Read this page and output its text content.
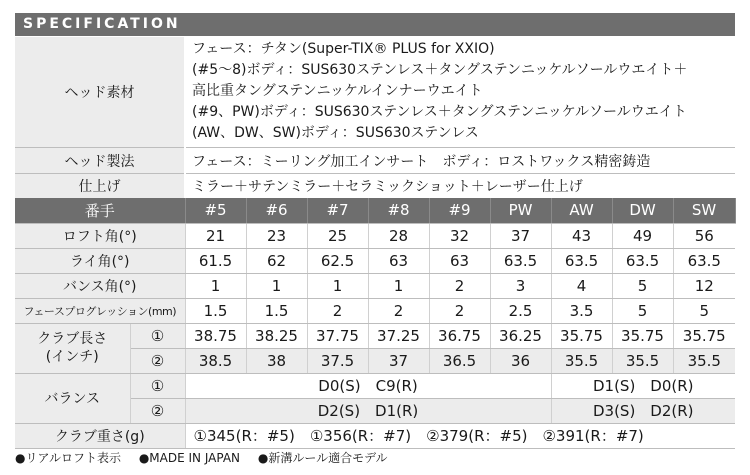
SPECIFICATION
ヘッド素材	フェース：チタン(Super-TIX® PLUS for XXIO)
(#5〜8)ボディ：SUS630ステンレス＋タングステンニッケルソールウエイト＋
高比重タングステンニッケルインナーウエイト
(#9、PW)ボディ：SUS630ステンレス＋タングステンニッケルソールウエイト
(AW、DW、SW)ボディ：SUS630ステンレス

ヘッド製法	フェース：ミーリング加工インサート　ボディ：ロストワックス精密鋳造
仕上げ	ミラー＋サテンミラー＋セラミックショット＋レーザー仕上げ
番手		#5	#6	#7	#8	#9	PW	AW	DW	SW
ロフト角(°)		21	23	25	28	32	37	43	49	56
ライ角(°)		61.5	62	62.5	63	63	63.5	63.5	63.5	63.5
バンス角(°)		1	1	1	1	2	3	4	5	12
フェースプログレッション(mm)		1.5	1.5	2	2	2	2.5	3.5	5	5

クラブ長さ
(インチ)	①	38.75	38.25	37.75	37.25	36.75	36.25	35.75	35.75	35.75
	②	38.5	38	37.5	37	36.5	36	35.5	35.5	35.5
バランス	①	D0(S)　C9(R)						D1(S)　D0(R)		
	②	D2(S)　D1(R)						D3(S)　D2(R)		
クラブ重さ(g)		①345(R：#5)　①356(R：#7)　②379(R：#5)　②391(R：#7)								
●リアルロフト表示 ●MADE IN JAPAN ●新溝ルール適合モデル
